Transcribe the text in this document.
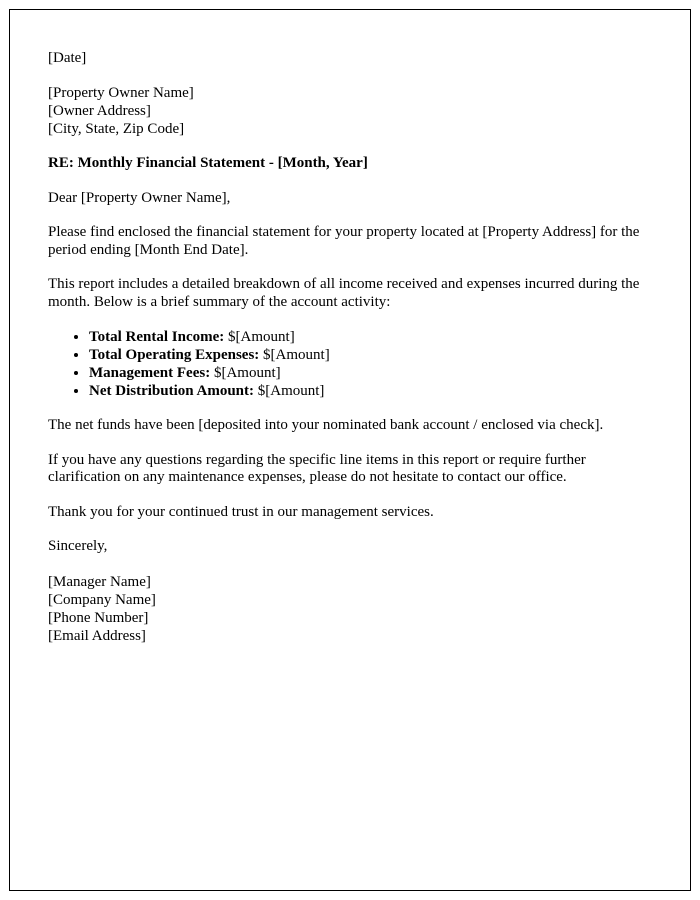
[Date]
[Property Owner Name]
[Owner Address]
[City, State, Zip Code]

RE: Monthly Financial Statement - [Month, Year]

Dear [Property Owner Name],

Please find enclosed the financial statement for your property located at [Property Address] for the period ending [Month End Date].

This report includes a detailed breakdown of all income received and expenses incurred during the month. Below is a brief summary of the account activity:

• Total Rental Income: $[Amount]
• Total Operating Expenses: $[Amount]
• Management Fees: $[Amount]
• Net Distribution Amount: $[Amount]

The net funds have been [deposited into your nominated bank account / enclosed via check].

If you have any questions regarding the specific line items in this report or require further clarification on any maintenance expenses, please do not hesitate to contact our office.

Thank you for your continued trust in our management services.

Sincerely,

[Manager Name]
[Company Name]
[Phone Number]
[Email Address]
